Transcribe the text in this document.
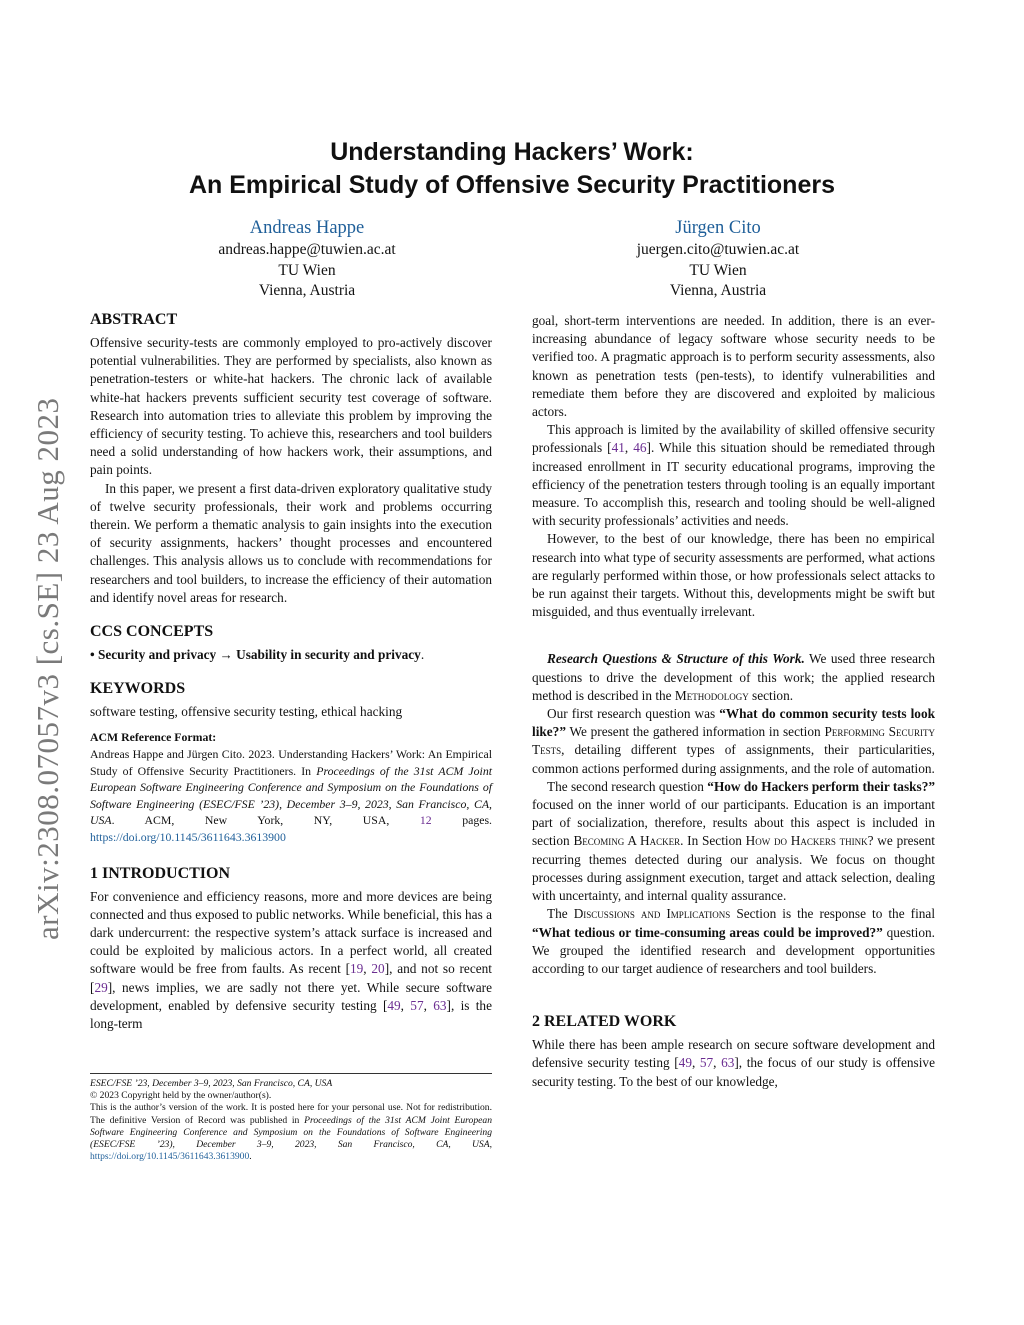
Understanding Hackers’ Work:
An Empirical Study of Offensive Security Practitioners
Andreas Happe
andreas.happe@tuwien.ac.at
TU Wien
Vienna, Austria
Jürgen Cito
juergen.cito@tuwien.ac.at
TU Wien
Vienna, Austria
arXiv:2308.07057v3 [cs.SE] 23 Aug 2023
ABSTRACT

Offensive security-tests are commonly employed to pro-actively discover potential vulnerabilities. They are performed by specialists, also known as penetration-testers or white-hat hackers. The chronic lack of available white-hat hackers prevents sufficient security test coverage of software. Research into automation tries to alleviate this problem by improving the efficiency of security testing. To achieve this, researchers and tool builders need a solid understanding of how hackers work, their assumptions, and pain points.

In this paper, we present a first data-driven exploratory qualitative study of twelve security professionals, their work and problems occurring therein. We perform a thematic analysis to gain insights into the execution of security assignments, hackers’ thought processes and encountered challenges. This analysis allows us to conclude with recommendations for researchers and tool builders, to increase the efficiency of their automation and identify novel areas for research.

CCS CONCEPTS

• Security and privacy → Usability in security and privacy.

KEYWORDS

software testing, offensive security testing, ethical hacking

ACM Reference Format:

Andreas Happe and Jürgen Cito. 2023. Understanding Hackers’ Work: An Empirical Study of Offensive Security Practitioners. In Proceedings of the 31st ACM Joint European Software Engineering Conference and Symposium on the Foundations of Software Engineering (ESEC/FSE ’23), December 3–9, 2023, San Francisco, CA, USA. ACM, New York, NY, USA, 12 pages. https://doi.org/10.1145/3611643.3613900

1 INTRODUCTION

For convenience and efficiency reasons, more and more devices are being connected and thus exposed to public networks. While beneficial, this has a dark undercurrent: the respective system’s attack surface is increased and could be exploited by malicious actors. In a perfect world, all created software would be free from faults. As recent [19, 20], and not so recent [29], news implies, we are sadly not there yet. While secure software development, enabled by defensive security testing [49, 57, 63], is the long-term

ESEC/FSE ’23, December 3–9, 2023, San Francisco, CA, USA
© 2023 Copyright held by the owner/author(s).
This is the author’s version of the work. It is posted here for your personal use. Not for redistribution. The definitive Version of Record was published in Proceedings of the 31st ACM Joint European Software Engineering Conference and Symposium on the Foundations of Software Engineering (ESEC/FSE ’23), December 3–9, 2023, San Francisco, CA, USA, https://doi.org/10.1145/3611643.3613900.

goal, short-term interventions are needed. In addition, there is an ever-increasing abundance of legacy software whose security needs to be verified too. A pragmatic approach is to perform security assessments, also known as penetration tests (pen-tests), to identify vulnerabilities and remediate them before they are discovered and exploited by malicious actors.

This approach is limited by the availability of skilled offensive security professionals [41, 46]. While this situation should be remediated through increased enrollment in IT security educational programs, improving the efficiency of the penetration testers through tooling is an equally important measure. To accomplish this, research and tooling should be well-aligned with security professionals’ activities and needs.

However, to the best of our knowledge, there has been no empirical research into what type of security assessments are performed, what actions are regularly performed within those, or how professionals select attacks to be run against their targets. Without this, developments might be swift but misguided, and thus eventually irrelevant.

Research Questions & Structure of this Work. We used three research questions to drive the development of this work; the applied research method is described in the Methodology section.

Our first research question was “What do common security tests look like?” We present the gathered information in section Performing Security Tests, detailing different types of assignments, their particularities, common actions performed during assignments, and the role of automation.

The second research question “How do Hackers perform their tasks?” focused on the inner world of our participants. Education is an important part of socialization, therefore, results about this aspect is included in section Becoming A Hacker. In Section How do Hackers think? we present recurring themes detected during our analysis. We focus on thought processes during assignment execution, target and attack selection, dealing with uncertainty, and internal quality assurance.

The Discussions and Implications Section is the response to the final “What tedious or time-consuming areas could be improved?” question. We grouped the identified research and development opportunities according to our target audience of researchers and tool builders.

2 RELATED WORK

While there has been ample research on secure software development and defensive security testing [49, 57, 63], the focus of our study is offensive security testing. To the best of our knowledge,
